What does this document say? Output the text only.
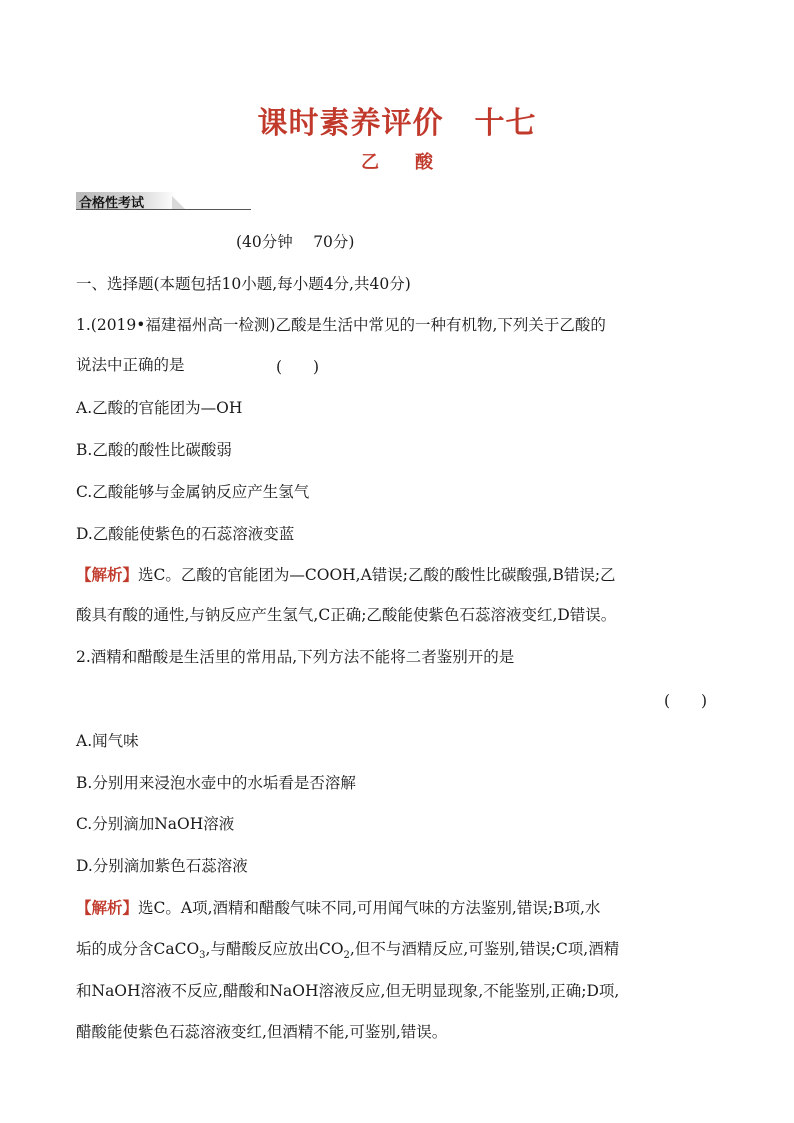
课时素养评价　十七
乙　　酸
合格性考试
(40分钟　 70分)
一、选择题(本题包括10小题,每小题4分,共40分)
1.(2019•福建福州高一检测)乙酸是生活中常见的一种有机物,下列关于乙酸的
说法中正确的是	(　　)
A.乙酸的官能团为—OH
B.乙酸的酸性比碳酸弱
C.乙酸能够与金属钠反应产生氢气
D.乙酸能使紫色的石蕊溶液变蓝
【解析】选C。乙酸的官能团为—COOH,A错误;乙酸的酸性比碳酸强,B错误;乙
酸具有酸的通性,与钠反应产生氢气,C正确;乙酸能使紫色石蕊溶液变红,D错误。
2.酒精和醋酸是生活里的常用品,下列方法不能将二者鉴别开的是
(　　)
A.闻气味
B.分别用来浸泡水壶中的水垢看是否溶解
C.分别滴加NaOH溶液
D.分别滴加紫色石蕊溶液
【解析】选C。A项,酒精和醋酸气味不同,可用闻气味的方法鉴别,错误;B项,水
垢的成分含CaCO$_3$,与醋酸反应放出$CO_2$,但不与酒精反应,可鉴别,错误;C项,酒精
和NaOH溶液不反应,醋酸和NaOH溶液反应,但无明显现象,不能鉴别,正确;D项,
醋酸能使紫色石蕊溶液变红,但酒精不能,可鉴别,错误。
